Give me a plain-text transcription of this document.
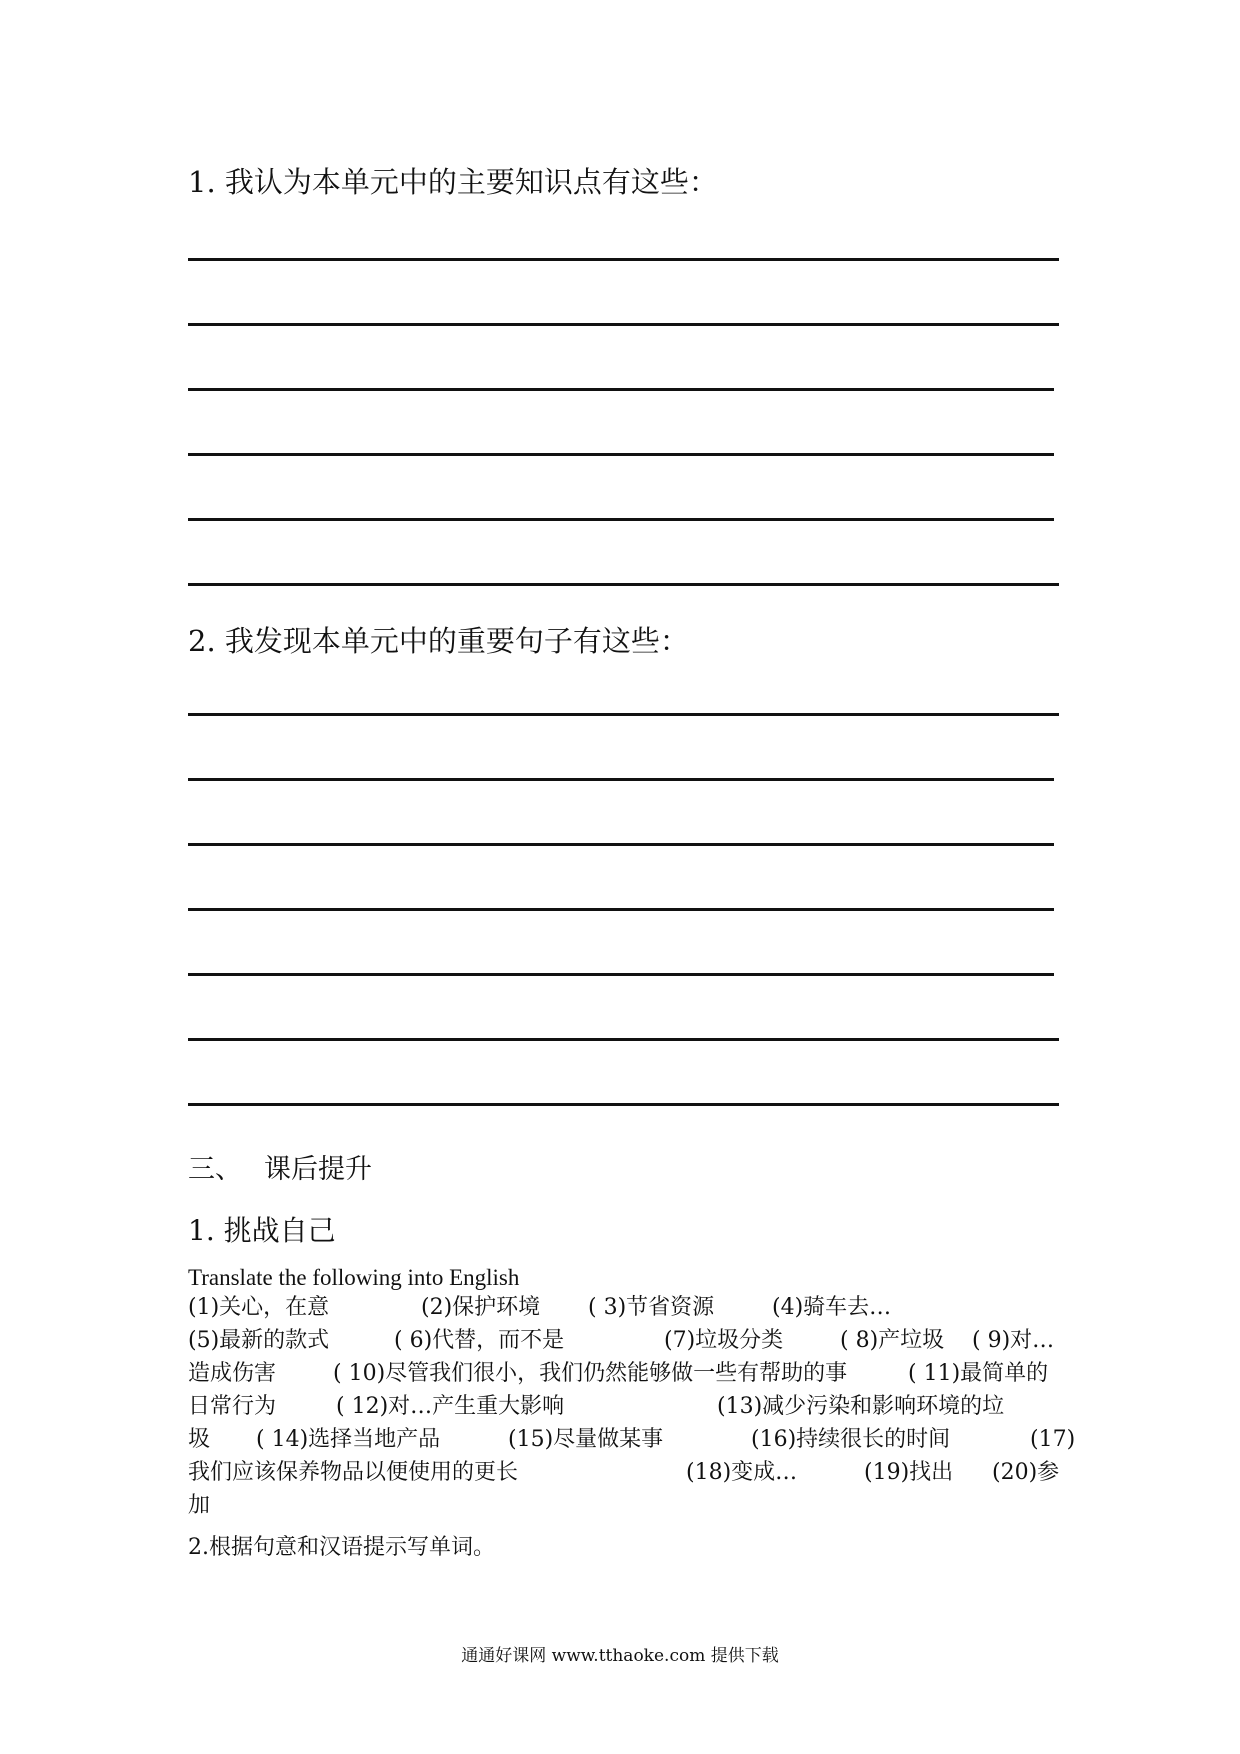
1. 我认为本单元中的主要知识点有这些：
2. 我发现本单元中的重要句子有这些：
三、 课后提升
1. 挑战自己
Translate the following into English
(1)关心，在意	(2)保护环境 ( 3)节省资源	(4)骑车去…
(5)最新的款式	( 6)代替，而不是	(7)垃圾分类	( 8)产垃圾 ( 9)对…
造成伤害	( 10)尽管我们很小，我们仍然能够做一些有帮助的事	( 11)最简单的
日常行为	( 12)对…产生重大影响	(13)减少污染和影响环境的垃
圾 ( 14)选择当地产品	(15)尽量做某事	(16)持续很长的时间	(17)
我们应该保养物品以便使用的更长	(18)变成…	(19)找出 (20)参
加
2.根据句意和汉语提示写单词。
通通好课网 www.tthaoke.com 提供下载
